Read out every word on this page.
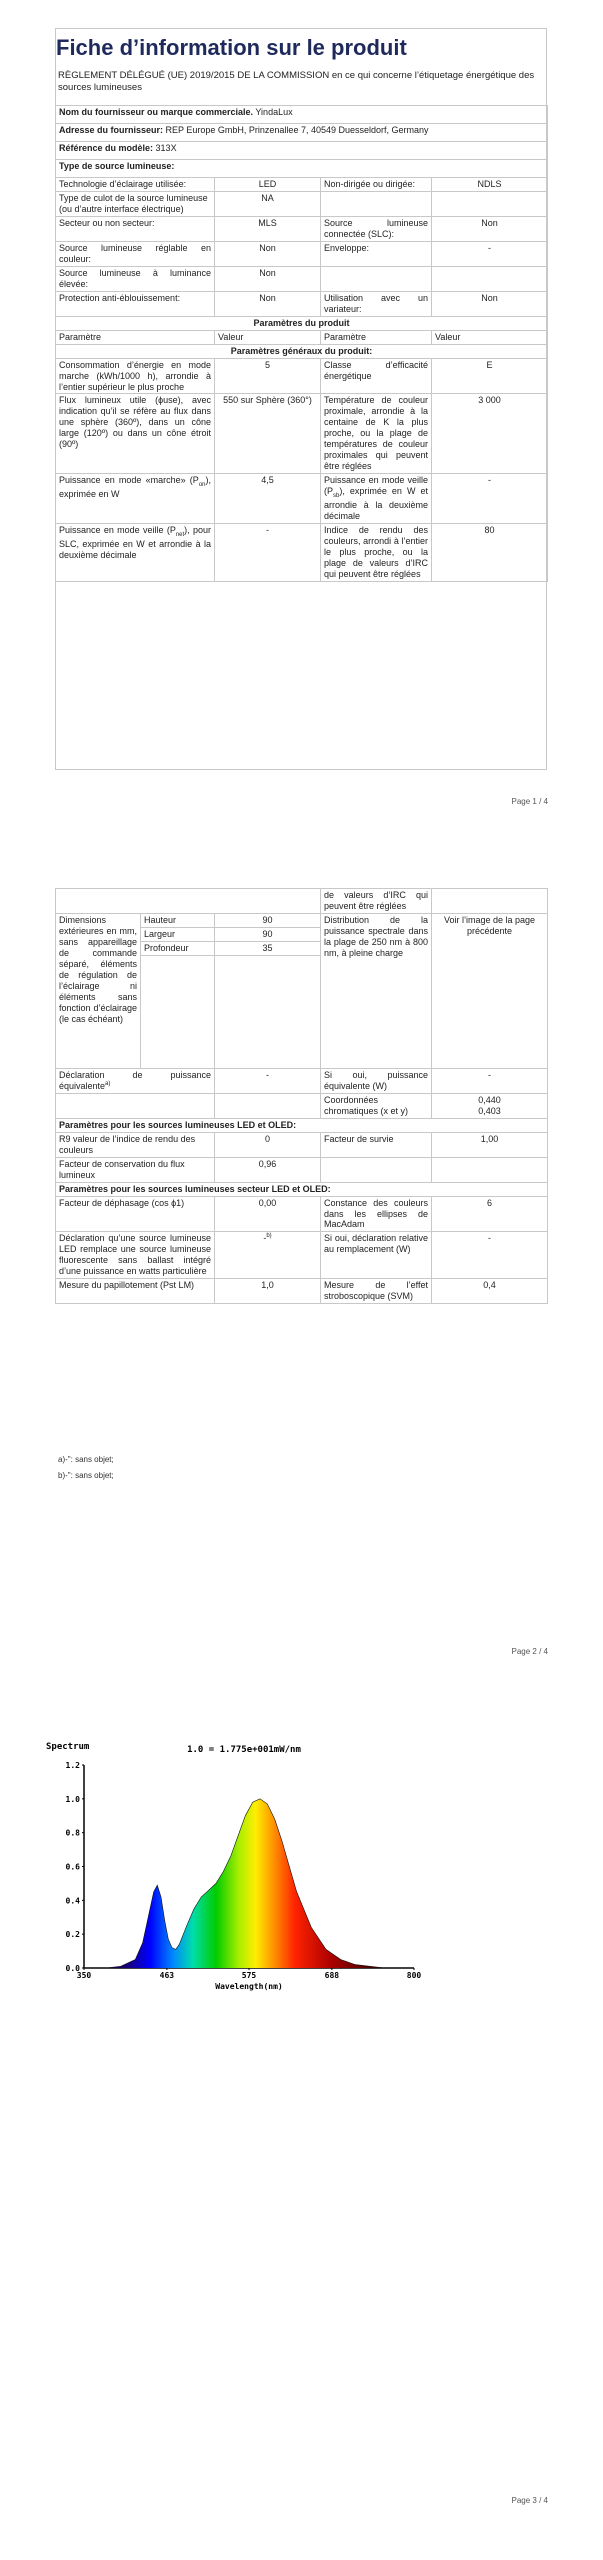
Fiche d’information sur le produit
RÈGLEMENT DÉLÉGUÉ (UE) 2019/2015 DE LA COMMISSION en ce qui concerne l’étiquetage énergétique des sources lumineuses
Nom du fournisseur ou marque commerciale. YindaLux			
Adresse du fournisseur: REP Europe GmbH, Prinzenallee 7, 40549 Duesseldorf, Germany			
Référence du modèle: 313X			
Type de source lumineuse:			
Technologie d’éclairage utilisée:	LED	Non-dirigée ou dirigée:	NDLS
Type de culot de la source lumineuse (ou d’autre interface électrique)	NA		
Secteur ou non secteur:	MLS	Source lumineuse connectée (SLC):	Non
Source lumineuse réglable en couleur:	Non	Enveloppe:	-
Source lumineuse à luminance élevée:	Non		
Protection anti-éblouissement:	Non	Utilisation avec un variateur:	Non
Paramètres du produit			
Paramètre	Valeur	Paramètre	Valeur
Paramètres généraux du produit:			
Consommation d’énergie en mode marche (kWh/1000 h), arrondie à l’entier supérieur le plus proche	5	Classe d’efficacité énergétique	E
Flux lumineux utile (ɸuse), avec indication qu’il se réfère au flux dans une sphère (360º), dans un cône large (120º) ou dans un cône étroit (90º)	550 sur Sphère (360°)	Température de couleur proximale, arrondie à la centaine de K la plus proche, ou la plage de températures de couleur proximales qui peuvent être réglées	3 000
Puissance en mode «marche» $(P_{on})$, exprimée en W	4,5	Puissance en mode veille $(P_{sb})$, exprimée en W et arrondie à la deuxième décimale	-
Puissance en mode veille $(P_{net})$, pour SLC, exprimée en W et arrondie à la deuxième décimale	-	Indice de rendu des couleurs, arrondi à l’entier le plus proche, ou la plage de valeurs d’IRC qui peuvent être réglées	80
Page 1 / 4
			de valeurs d’IRC qui peuvent être réglées	
Dimensions extérieures en mm, sans appareillage de commande séparé, éléments de régulation de l’éclairage ni éléments sans fonction d’éclairage (le cas échéant)	Hauteur	90	Distribution de la puissance spectrale dans la plage de 250 nm à 800 nm, à pleine charge	Voir l’image de la page précédente
	Largeur	90		
	Profondeur	35		

Déclaration de puissance équivalente$^{a)}$		-	Si oui, puissance équivalente (W)	-
			Coordonnées chromatiques (x et y)	0,440
0,403
Paramètres pour les sources lumineuses LED et OLED:				
R9 valeur de l’indice de rendu des couleurs		0	Facteur de survie	1,00
Facteur de conservation du flux lumineux		0,96		
Paramètres pour les sources lumineuses secteur LED et OLED:				
Facteur de déphasage (cos ϕ1)		0,00	Constance des couleurs dans les ellipses de MacAdam	6
Déclaration qu’une source lumineuse LED remplace une source lumineuse fluorescente sans ballast intégré d’une puissance en watts particulière		-$^{b)}$	Si oui, déclaration relative au remplacement (W)	-
Mesure du papillotement (Pst LM)		1,0	Mesure de l’effet stroboscopique (SVM)	0,4
a)-": sans objet;
b)-": sans objet;
Page 2 / 4
Spectrum	1.0 = 1.775e+001mW/nm
0.0
0.2
0.4
0.6
0.8
1.0
1.2
350	463	575	688	800
Wavelength(nm)
Page 3 / 4
